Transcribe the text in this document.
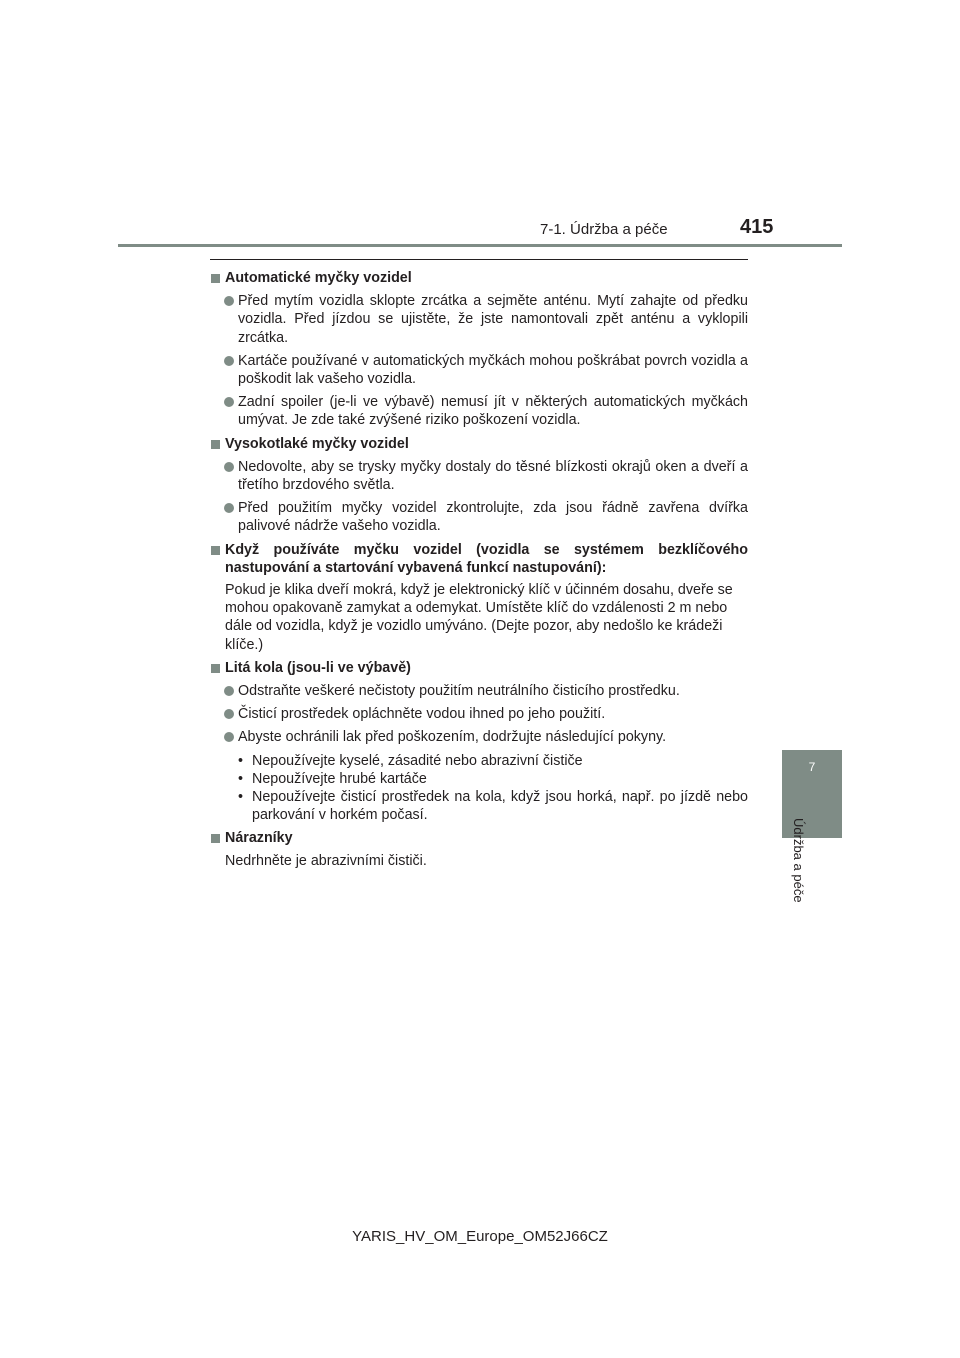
7-1. Údržba a péče	415
7
Údržba a péče
Automatické myčky vozidel
Před mytím vozidla sklopte zrcátka a sejměte anténu. Mytí zahajte od předku vozidla. Před jízdou se ujistěte, že jste namontovali zpět anténu a vyklopili zrcátka.
Kartáče používané v automatických myčkách mohou poškrábat povrch vozidla a poškodit lak vašeho vozidla.
Zadní spoiler (je-li ve výbavě) nemusí jít v některých automatických myčkách umývat. Je zde také zvýšené riziko poškození vozidla.
Vysokotlaké myčky vozidel
Nedovolte, aby se trysky myčky dostaly do těsné blízkosti okrajů oken a dveří a třetího brzdového světla.
Před použitím myčky vozidel zkontrolujte, zda jsou řádně zavřena dvířka palivové nádrže vašeho vozidla.
Když používáte myčku vozidel (vozidla se systémem bezklíčového nastupování a startování vybavená funkcí nastupování):
Pokud je klika dveří mokrá, když je elektronický klíč v účinném dosahu, dveře se mohou opakovaně zamykat a odemykat. Umístěte klíč do vzdálenosti 2 m nebo dále od vozidla, když je vozidlo umýváno. (Dejte pozor, aby nedošlo ke krádeži klíče.)
Litá kola (jsou-li ve výbavě)
Odstraňte veškeré nečistoty použitím neutrálního čisticího prostředku.
Čisticí prostředek opláchněte vodou ihned po jeho použití.
Abyste ochránili lak před poškozením, dodržujte následující pokyny.
• Nepoužívejte kyselé, zásadité nebo abrazivní čističe
• Nepoužívejte hrubé kartáče
• Nepoužívejte čisticí prostředek na kola, když jsou horká, např. po jízdě nebo parkování v horkém počasí.
Nárazníky
Nedrhněte je abrazivními čističi.
YARIS_HV_OM_Europe_OM52J66CZ
